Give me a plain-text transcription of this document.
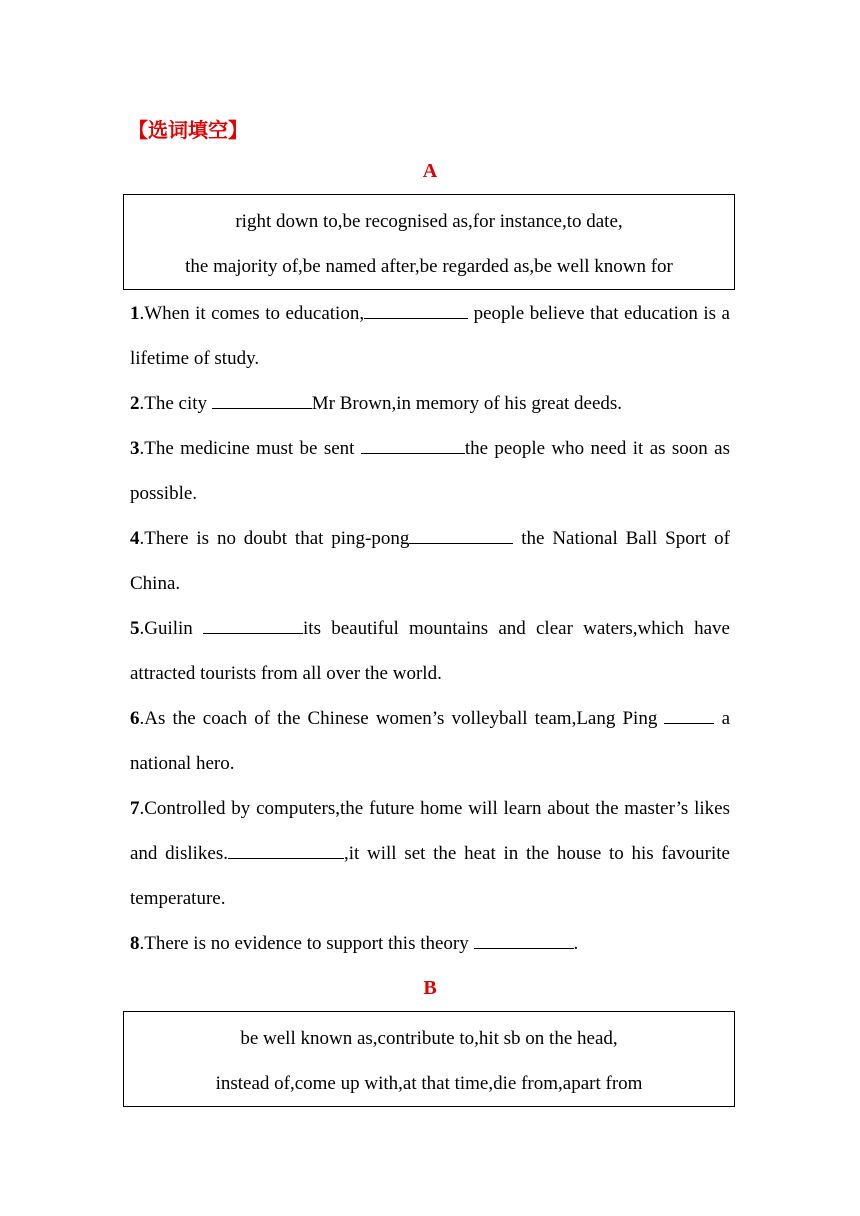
【选词填空】
A
right down to,be recognised as,for instance,to date,
the majority of,be named after,be regarded as,be well known for
1.When it comes to education,	people believe that education is a lifetime of study.
2.The city	Mr Brown,in memory of his great deeds.
3.The medicine must be sent	the people who need it as soon as possible.
4.There is no doubt that ping-pong	the National Ball Sport of China.
5.Guilin	its beautiful mountains and clear waters,which have attracted tourists from all over the world.
6.As the coach of the Chinese women’s volleyball team,Lang Ping	a national hero.
7.Controlled by computers,the future home will learn about the master’s likes and dislikes.	,it will set the heat in the house to his favourite temperature.
8.There is no evidence to support this theory	.
B
be well known as,contribute to,hit sb on the head,
instead of,come up with,at that time,die from,apart from
